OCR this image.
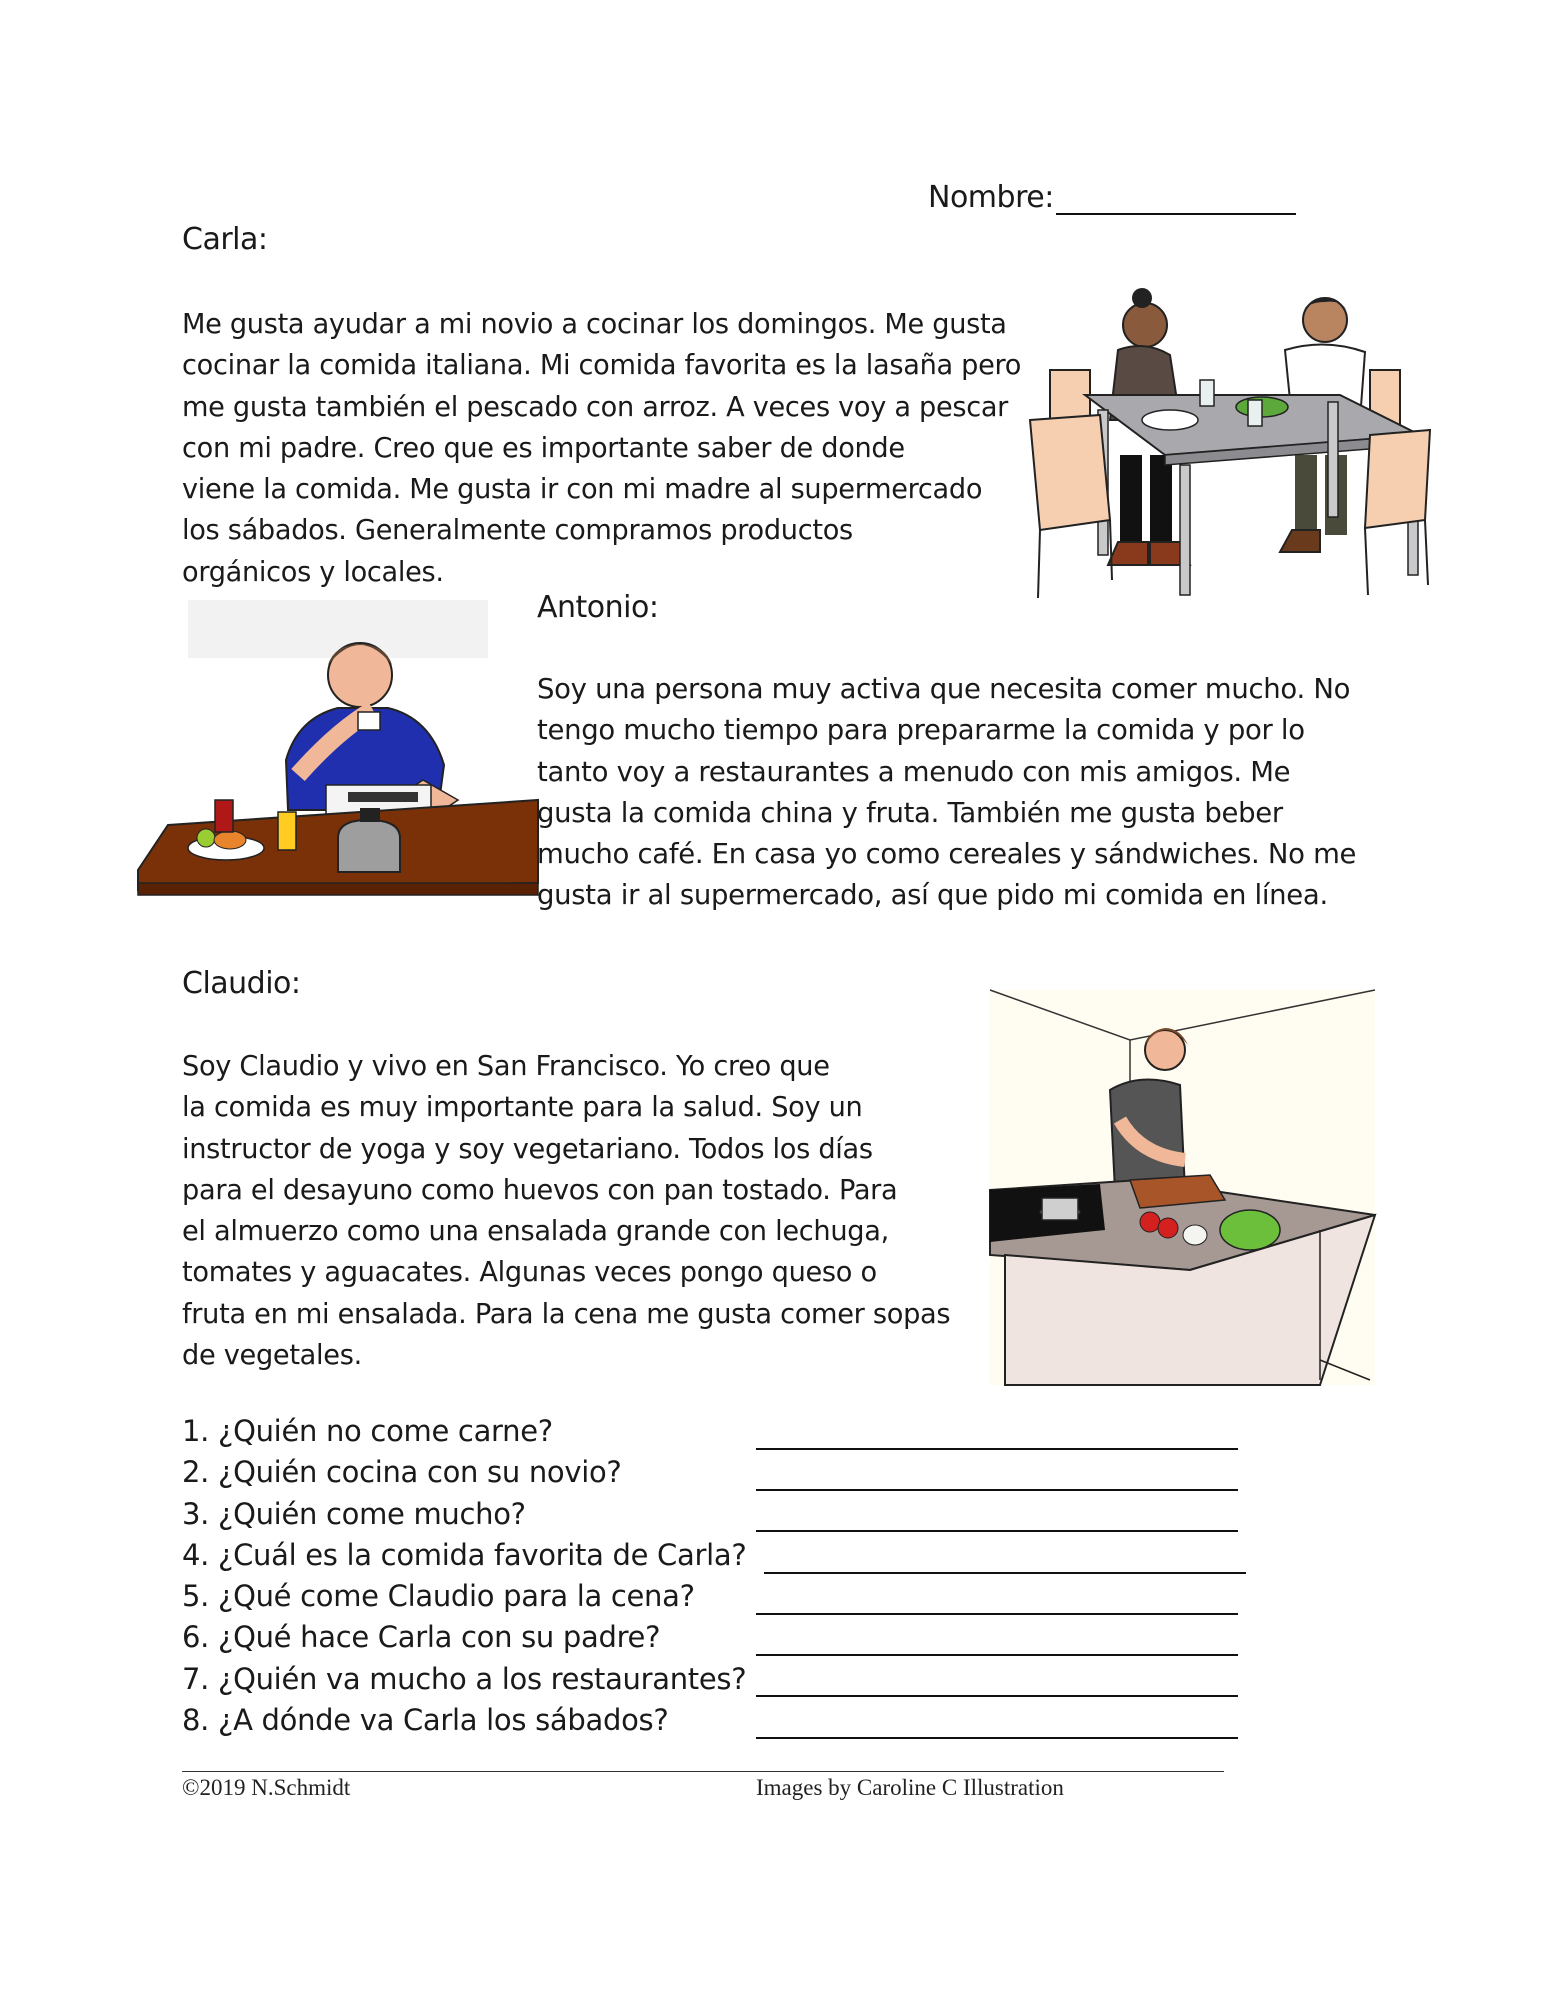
Nombre:
Carla:
Me gusta ayudar a mi novio a cocinar los domingos. Me gusta
cocinar la comida italiana. Mi comida favorita es la lasaña pero
me gusta también el pescado con arroz. A veces voy a pescar
con mi padre. Creo que es importante saber de donde
viene la comida. Me gusta ir con mi madre al supermercado
los sábados. Generalmente compramos productos
orgánicos y locales.
Antonio:
Soy una persona muy activa que necesita comer mucho. No
tengo mucho tiempo para prepararme la comida y por lo
tanto voy a restaurantes a menudo con mis amigos. Me
gusta la comida china y fruta. También me gusta beber
mucho café. En casa yo como cereales y sándwiches. No me
gusta ir al supermercado, así que pido mi comida en línea.
Claudio:
Soy Claudio y vivo en San Francisco. Yo creo que
la comida es muy importante para la salud. Soy un
instructor de yoga y soy vegetariano. Todos los días
para el desayuno como huevos con pan tostado. Para
el almuerzo como una ensalada grande con lechuga,
tomates y aguacates. Algunas veces pongo queso o
fruta en mi ensalada. Para la cena me gusta comer sopas
de vegetales.
1. ¿Quién no come carne?
2. ¿Quién cocina con su novio?
3. ¿Quién come mucho?
4. ¿Cuál es la comida favorita de Carla?
5. ¿Qué come Claudio para la cena?
6. ¿Qué hace Carla con su padre?
7. ¿Quién va mucho a los restaurantes?
8. ¿A dónde va Carla los sábados?
©2019 N.Schmidt	Images by Caroline C Illustration
